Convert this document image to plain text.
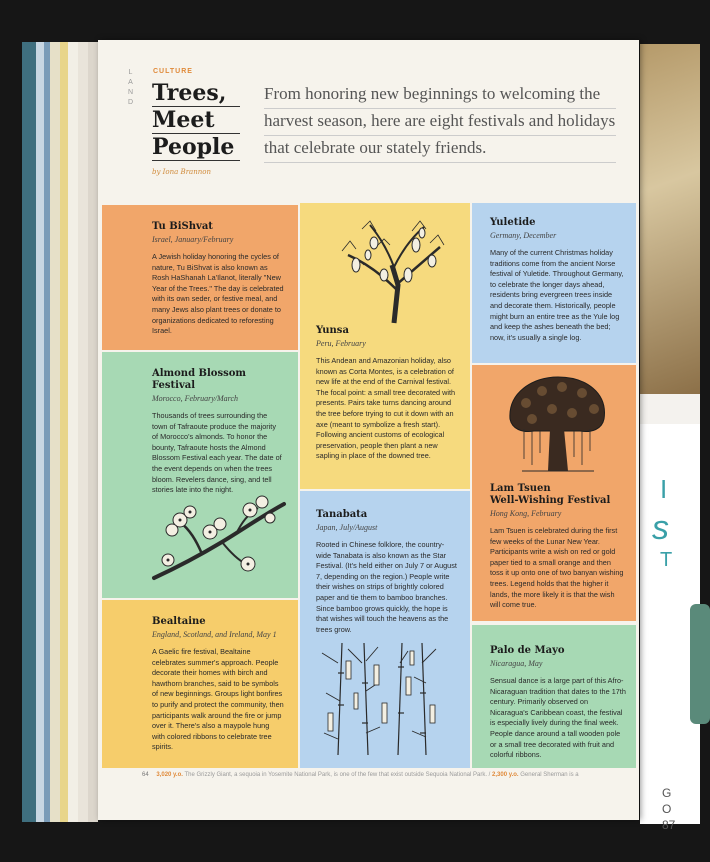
I
s
T
G
O
87
L
A
N
D
CULTURE
Trees,
Meet
People
by Iona Brannon
From honoring new beginnings to welcoming the harvest season, here are eight festivals and holidays that celebrate our stately friends.
Tu BiShvat
Israel, January/February
A Jewish holiday honoring the cycles of nature, Tu BiShvat is also known as Rosh HaShanah La'Ilanot, literally "New Year of the Trees." The day is celebrated with its own seder, or festive meal, and many Jews also plant trees or donate to organizations dedicated to reforesting Israel.
Almond Blossom Festival
Morocco, February/March
Thousands of trees surrounding the town of Tafraoute produce the majority of Morocco's almonds. To honor the bounty, Tafraoute hosts the Almond Blossom Festival each year. The date of the event depends on when the trees bloom. Revelers dance, sing, and tell stories late into the night.
Bealtaine
England, Scotland, and Ireland, May 1
A Gaelic fire festival, Bealtaine celebrates summer's approach. People decorate their homes with birch and hawthorn branches, said to be symbols of new beginnings. Groups light bonfires to purify and protect the community, then participants walk around the fire or jump over it. There's also a maypole hung with colored ribbons to celebrate tree spirits.
Yunsa
Peru, February
This Andean and Amazonian holiday, also known as Corta Montes, is a celebration of new life at the end of the Carnival festival. The focal point: a small tree decorated with presents. Pairs take turns dancing around the tree before trying to cut it down with an axe (meant to symbolize a fresh start). Following ancient customs of ecological preservation, people then plant a new sapling in place of the downed tree.
Tanabata
Japan, July/August
Rooted in Chinese folklore, the country-wide Tanabata is also known as the Star Festival. (It's held either on July 7 or August 7, depending on the region.) People write their wishes on strips of brightly colored paper and tie them to bamboo branches. Since bamboo grows quickly, the hope is that wishes will touch the heavens as the trees grow.
Yuletide
Germany, December
Many of the current Christmas holiday traditions come from the ancient Norse festival of Yuletide. Throughout Germany, to celebrate the longer days ahead, residents bring evergreen trees inside and decorate them. Historically, people might burn an entire tree as the Yule log and keep the ashes beneath the bed; now, it's usually a single log.
Lam Tsuen
Well-Wishing Festival
Hong Kong, February
Lam Tsuen is celebrated during the first few weeks of the Lunar New Year. Participants write a wish on red or gold paper tied to a small orange and then toss it up onto one of two banyan wishing trees. Legend holds that the higher it lands, the more likely it is that the wish will come true.
Palo de Mayo
Nicaragua, May
Sensual dance is a large part of this Afro-Nicaraguan tradition that dates to the 17th century. Primarily observed on Nicaragua's Caribbean coast, the festival is especially lively during the final week. People dance around a tall wooden pole or a small tree decorated with fruit and colorful ribbons.
64 3,020 y.o. The Grizzly Giant, a sequoia in Yosemite National Park, is one of the few that exist outside Sequoia National Park. / 2,300 y.o. General Sherman is a
